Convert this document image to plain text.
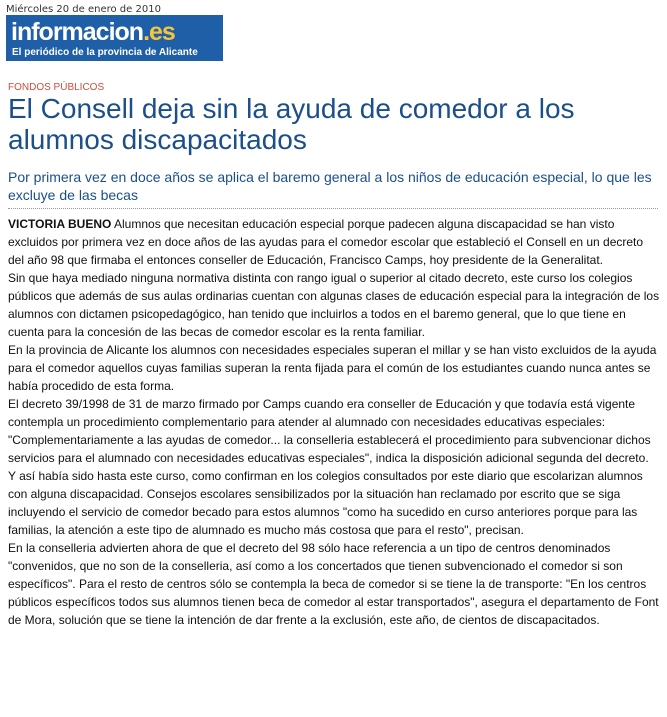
Miércoles 20 de enero de 2010
informacion.es
El periódico de la provincia de Alicante
FONDOS PÚBLICOS
El Consell deja sin la ayuda de comedor a los alumnos discapacitados

Por primera vez en doce años se aplica el baremo general a los niños de educación especial, lo que les excluye de las becas

VICTORIA BUENO Alumnos que necesitan educación especial porque padecen alguna discapacidad se han visto excluidos por primera vez en doce años de las ayudas para el comedor escolar que estableció el Consell en un decreto del año 98 que firmaba el entonces conseller de Educación, Francisco Camps, hoy presidente de la Generalitat.

Sin que haya mediado ninguna normativa distinta con rango igual o superior al citado decreto, este curso los colegios públicos que además de sus aulas ordinarias cuentan con algunas clases de educación especial para la integración de los alumnos con dictamen psicopedagógico, han tenido que incluirlos a todos en el baremo general, que lo que tiene en cuenta para la concesión de las becas de comedor escolar es la renta familiar.

En la provincia de Alicante los alumnos con necesidades especiales superan el millar y se han visto excluidos de la ayuda para el comedor aquellos cuyas familias superan la renta fijada para el común de los estudiantes cuando nunca antes se había procedido de esta forma.

El decreto 39/1998 de 31 de marzo firmado por Camps cuando era conseller de Educación y que todavía está vigente contempla un procedimiento complementario para atender al alumnado con necesidades educativas especiales: "Complementariamente a las ayudas de comedor... la conselleria establecerá el procedimiento para subvencionar dichos servicios para el alumnado con necesidades educativas especiales", indica la disposición adicional segunda del decreto.

Y así había sido hasta este curso, como confirman en los colegios consultados por este diario que escolarizan alumnos con alguna discapacidad. Consejos escolares sensibilizados por la situación han reclamado por escrito que se siga incluyendo el servicio de comedor becado para estos alumnos "como ha sucedido en curso anteriores porque para las familias, la atención a este tipo de alumnado es mucho más costosa que para el resto", precisan.

En la conselleria advierten ahora de que el decreto del 98 sólo hace referencia a un tipo de centros denominados "convenidos, que no son de la conselleria, así como a los concertados que tienen subvencionado el comedor si son específicos". Para el resto de centros sólo se contempla la beca de comedor si se tiene la de transporte: "En los centros públicos específicos todos sus alumnos tienen beca de comedor al estar transportados", asegura el departamento de Font de Mora, solución que se tiene la intención de dar frente a la exclusión, este año, de cientos de discapacitados.
